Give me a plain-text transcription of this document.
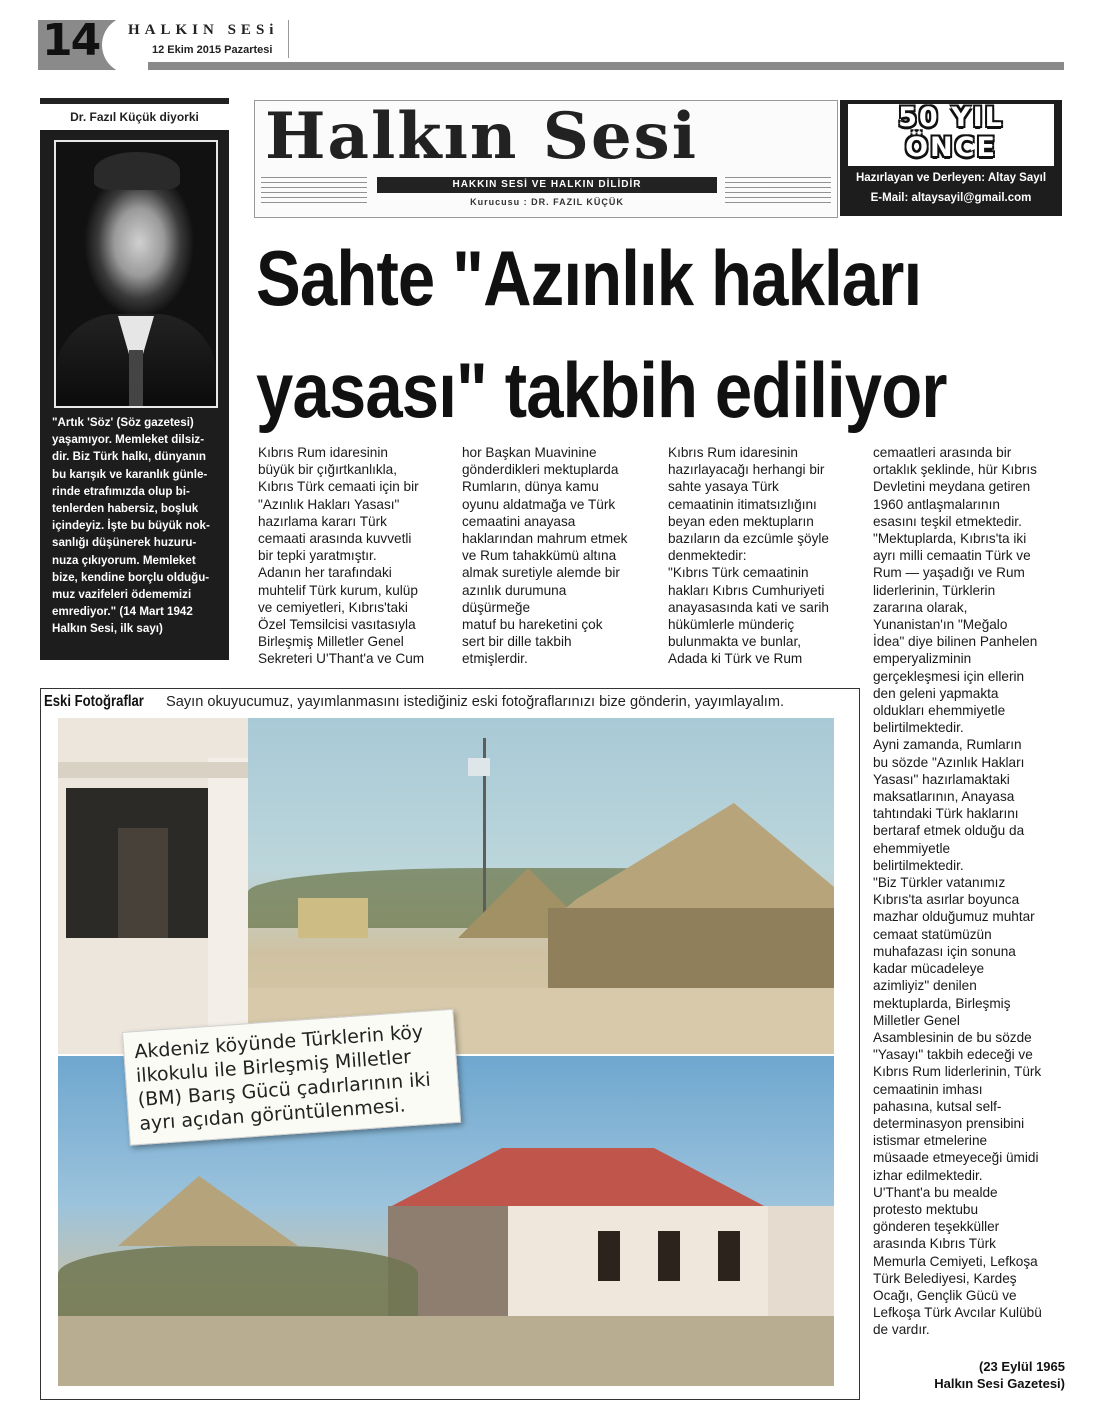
14 HALKIN SESi
12 Ekim 2015 Pazartesi
Dr. Fazıl Küçük diyorki
"Artık 'Söz' (Söz gazetesi)
yaşamıyor. Memleket dilsiz-
dir. Biz Türk halkı, dünyanın
bu karışık ve karanlık günle-
rinde etrafımızda olup bi-
tenlerden habersiz, boşluk
içindeyiz. İşte bu büyük nok-
sanlığı düşünerek huzuru-
nuza çıkıyorum. Memleket
bize, kendine borçlu olduğu-
muz vazifeleri ödememizi
emrediyor." (14 Mart 1942
Halkın Sesi, ilk sayı)
Halkın Sesi
HAKKIN SESİ VE HALKIN DİLİDİR
Kurucusu : DR. FAZIL KÜÇÜK
50 YIL
ÖNCE
Hazırlayan ve Derleyen: Altay Sayıl
E-Mail: altaysayil@gmail.com
Sahte "Azınlık hakları
yasası" takbih ediliyor
Kıbrıs Rum idaresinin
büyük bir çığırtkanlıkla,
Kıbrıs Türk cemaati için bir
"Azınlık Hakları Yasası"
hazırlama kararı Türk
cemaati arasında kuvvetli
bir tepki yaratmıştır.
Adanın her tarafındaki
muhtelif Türk kurum, kulüp
ve cemiyetleri, Kıbrıs'taki
Özel Temsilcisi vasıtasıyla
Birleşmiş Milletler Genel
Sekreteri U'Thant'a ve Cum
hor Başkan Muavinine
gönderdikleri mektuplarda
Rumların, dünya kamu
oyunu aldatmağa ve Türk
cemaatini anayasa
haklarından mahrum etmek
ve Rum tahakkümü altına
almak suretiyle alemde bir
azınlık durumuna
düşürmeğe
matuf bu hareketini çok
sert bir dille takbih
etmişlerdir.
Kıbrıs Rum idaresinin
hazırlayacağı herhangi bir
sahte yasaya Türk
cemaatinin itimatsızlığını
beyan eden mektupların
bazıların da ezcümle şöyle
denmektedir:
"Kıbrıs Türk cemaatinin
hakları Kıbrıs Cumhuriyeti
anayasasında kati ve sarih
hükümlerle münderiç
bulunmakta ve bunlar,
Adada ki Türk ve Rum
cemaatleri arasında bir
ortaklık şeklinde, hür Kıbrıs
Devletini meydana getiren
1960 antlaşmalarının
esasını teşkil etmektedir.
"Mektuplarda, Kıbrıs'ta iki
ayrı milli cemaatin Türk ve
Rum — yaşadığı ve Rum
liderlerinin, Türklerin
zararına olarak,
Yunanistan'ın "Meğalo
İdea" diye bilinen Panhelen
emperyalizminin
gerçekleşmesi için ellerin
den geleni yapmakta
oldukları ehemmiyetle
belirtilmektedir.
Ayni zamanda, Rumların
bu sözde "Azınlık Hakları
Yasası" hazırlamaktaki
maksatlarının, Anayasa
tahtındaki Türk haklarını
bertaraf etmek olduğu da
ehemmiyetle
belirtilmektedir.
"Biz Türkler vatanımız
Kıbrıs'ta asırlar boyunca
mazhar olduğumuz muhtar
cemaat statümüzün
muhafazası için sonuna
kadar mücadeleye
azimliyiz" denilen
mektuplarda, Birleşmiş
Milletler Genel
Asamblesinin de bu sözde
"Yasayı" takbih edeceği ve
Kıbrıs Rum liderlerinin, Türk
cemaatinin imhası
pahasına, kutsal self-
determinasyon prensibini
istismar etmelerine
müsaade etmeyeceği ümidi
izhar edilmektedir.
U'Thant'a bu mealde
protesto mektubu
gönderen teşekküller
arasında Kıbrıs Türk
Memurla Cemiyeti, Lefkoşa
Türk Belediyesi, Kardeş
Ocağı, Gençlik Gücü ve
Lefkoşa Türk Avcılar Kulübü
de vardır.
(23 Eylül 1965
Halkın Sesi Gazetesi)
Eski Fotoğraflar Sayın okuyucumuz, yayımlanmasını istediğiniz eski fotoğraflarınızı bize gönderin, yayımlayalım.
Akdeniz köyünde Türklerin köy
ilkokulu ile Birleşmiş Milletler
(BM) Barış Gücü çadırlarının iki
ayrı açıdan görüntülenmesi.
